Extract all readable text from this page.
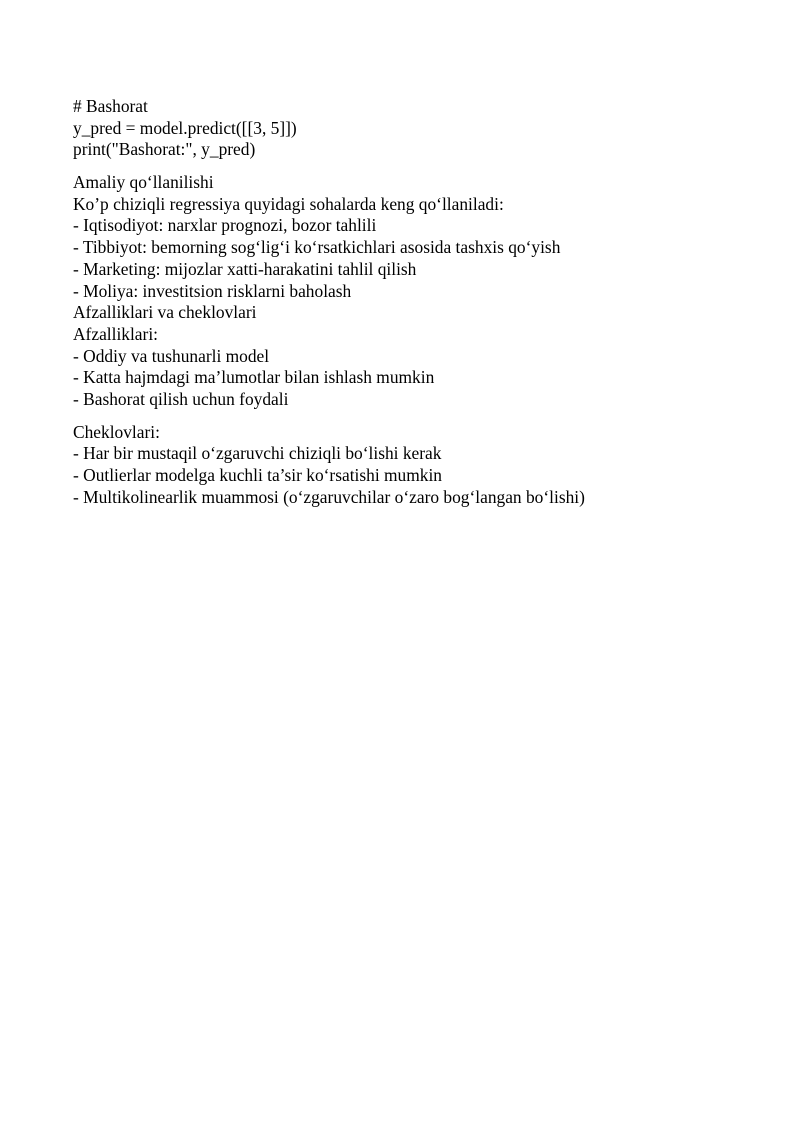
# Bashorat
y_pred = model.predict([[3, 5]])
print("Bashorat:", y_pred)
Amaliy qo‘llanilishi
Ko’p chiziqli regressiya quyidagi sohalarda keng qo‘llaniladi:
- Iqtisodiyot: narxlar prognozi, bozor tahlili
- Tibbiyot: bemorning sog‘lig‘i ko‘rsatkichlari asosida tashxis qo‘yish
- Marketing: mijozlar xatti-harakatini tahlil qilish
- Moliya: investitsion risklarni baholash
Afzalliklari va cheklovlari
Afzalliklari:
- Oddiy va tushunarli model
- Katta hajmdagi ma’lumotlar bilan ishlash mumkin
- Bashorat qilish uchun foydali
Cheklovlari:
- Har bir mustaqil o‘zgaruvchi chiziqli bo‘lishi kerak
- Outlierlar modelga kuchli ta’sir ko‘rsatishi mumkin
- Multikolinearlik muammosi (o‘zgaruvchilar o‘zaro bog‘langan bo‘lishi)
